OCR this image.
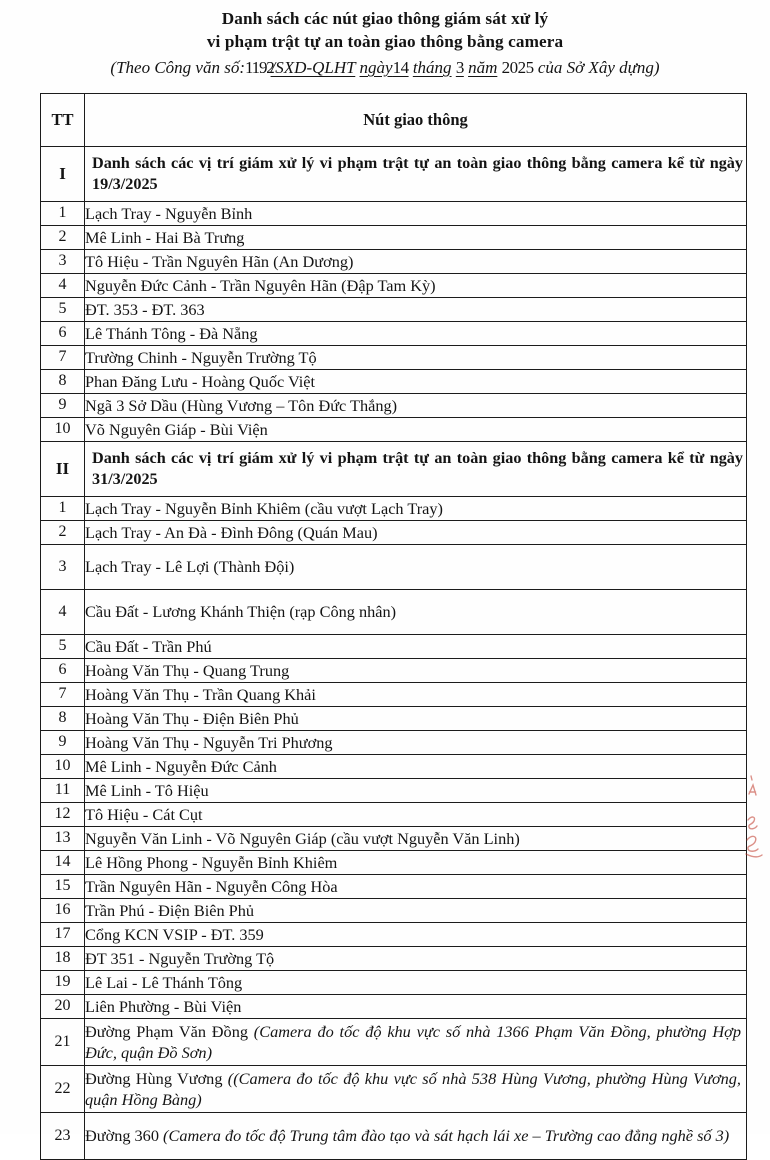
Danh sách các nút giao thông giám sát xử lý
vi phạm trật tự an toàn giao thông bằng camera
(Theo Công văn số:1192/SXD-QLHT ngày14 tháng 3 năm 2025 của Sở Xây dựng)
TT	Nút giao thông
I	Danh sách các vị trí giám xử lý vi phạm trật tự an toàn giao thông bằng camera kể từ ngày 19/3/2025
1	Lạch Tray - Nguyễn Bỉnh
2	Mê Linh - Hai Bà Trưng
3	Tô Hiệu - Trần Nguyên Hãn (An Dương)
4	Nguyễn Đức Cảnh - Trần Nguyên Hãn (Đập Tam Kỳ)
5	ĐT. 353 - ĐT. 363
6	Lê Thánh Tông - Đà Nẵng
7	Trường Chinh - Nguyễn Trường Tộ
8	Phan Đăng Lưu - Hoàng Quốc Việt
9	Ngã 3 Sở Dầu (Hùng Vương – Tôn Đức Thắng)
10	Võ Nguyên Giáp - Bùi Viện
II	Danh sách các vị trí giám xử lý vi phạm trật tự an toàn giao thông bằng camera kể từ ngày 31/3/2025
1	Lạch Tray - Nguyễn Bỉnh Khiêm (cầu vượt Lạch Tray)
2	Lạch Tray - An Đà - Đình Đông (Quán Mau)
3	Lạch Tray - Lê Lợi (Thành Đội)
4	Cầu Đất - Lương Khánh Thiện (rạp Công nhân)
5	Cầu Đất - Trần Phú
6	Hoàng Văn Thụ - Quang Trung
7	Hoàng Văn Thụ - Trần Quang Khải
8	Hoàng Văn Thụ - Điện Biên Phủ
9	Hoàng Văn Thụ - Nguyễn Tri Phương
10	Mê Linh - Nguyễn Đức Cảnh
11	Mê Linh - Tô Hiệu
12	Tô Hiệu - Cát Cụt
13	Nguyễn Văn Linh - Võ Nguyên Giáp (cầu vượt Nguyễn Văn Linh)
14	Lê Hồng Phong - Nguyễn Bỉnh Khiêm
15	Trần Nguyên Hãn - Nguyễn Công Hòa
16	Trần Phú - Điện Biên Phủ
17	Cổng KCN VSIP - ĐT. 359
18	ĐT 351 - Nguyễn Trường Tộ
19	Lê Lai - Lê Thánh Tông
20	Liên Phường - Bùi Viện
21	Đường Phạm Văn Đồng (Camera đo tốc độ khu vực số nhà 1366 Phạm Văn Đồng, phường Hợp Đức, quận Đồ Sơn)
22	Đường Hùng Vương ((Camera đo tốc độ khu vực số nhà 538 Hùng Vương, phường Hùng Vương, quận Hồng Bàng)
23	Đường 360 (Camera đo tốc độ Trung tâm đào tạo và sát hạch lái xe – Trường cao đẳng nghề số 3)
